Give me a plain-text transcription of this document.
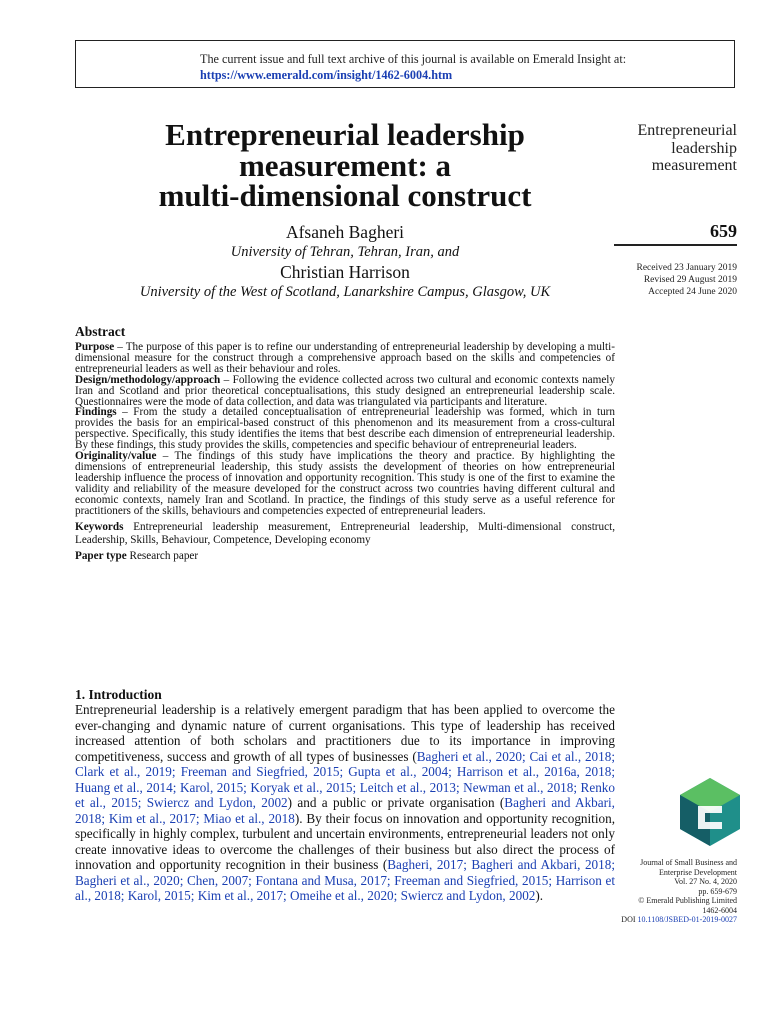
The current issue and full text archive of this journal is available on Emerald Insight at:
https://www.emerald.com/insight/1462-6004.htm
Entrepreneurial leadership
measurement: a
multi-dimensional construct
Afsaneh Bagheri
University of Tehran, Tehran, Iran, and
Christian Harrison
University of the West of Scotland, Lanarkshire Campus, Glasgow, UK
Entrepreneurial
leadership
measurement
659
Received 23 January 2019
Revised 29 August 2019
Accepted 24 June 2020
Abstract

Purpose – The purpose of this paper is to refine our understanding of entrepreneurial leadership by developing a multi-dimensional measure for the construct through a comprehensive approach based on the skills and competencies of entrepreneurial leaders as well as their behaviour and roles.

Design/methodology/approach – Following the evidence collected across two cultural and economic contexts namely Iran and Scotland and prior theoretical conceptualisations, this study designed an entrepreneurial leadership scale. Questionnaires were the mode of data collection, and data was triangulated via participants and literature.

Findings – From the study a detailed conceptualisation of entrepreneurial leadership was formed, which in turn provides the basis for an empirical-based construct of this phenomenon and its measurement from a cross-cultural perspective. Specifically, this study identifies the items that best describe each dimension of entrepreneurial leadership. By these findings, this study provides the skills, competencies and specific behaviour of entrepreneurial leaders.

Originality/value – The findings of this study have implications the theory and practice. By highlighting the dimensions of entrepreneurial leadership, this study assists the development of theories on how entrepreneurial leadership influence the process of innovation and opportunity recognition. This study is one of the first to examine the validity and reliability of the measure developed for the construct across two countries having different cultural and economic contexts, namely Iran and Scotland. In practice, the findings of this study serve as a useful reference for practitioners of the skills, behaviours and competencies expected of entrepreneurial leaders.

Keywords Entrepreneurial leadership measurement, Entrepreneurial leadership, Multi-dimensional construct, Leadership, Skills, Behaviour, Competence, Developing economy

Paper type Research paper

1. Introduction

Entrepreneurial leadership is a relatively emergent paradigm that has been applied to overcome the ever-changing and dynamic nature of current organisations. This type of leadership has received increased attention of both scholars and practitioners due to its importance in improving competitiveness, success and growth of all types of businesses (Bagheri et al., 2020; Cai et al., 2018; Clark et al., 2019; Freeman and Siegfried, 2015; Gupta et al., 2004; Harrison et al., 2016a, 2018; Huang et al., 2014; Karol, 2015; Koryak et al., 2015; Leitch et al., 2013; Newman et al., 2018; Renko et al., 2015; Swiercz and Lydon, 2002) and a public or private organisation (Bagheri and Akbari, 2018; Kim et al., 2017; Miao et al., 2018). By their focus on innovation and opportunity recognition, specifically in highly complex, turbulent and uncertain environments, entrepreneurial leaders not only create innovative ideas to overcome the challenges of their business but also direct the process of innovation and opportunity recognition in their business (Bagheri, 2017; Bagheri and Akbari, 2018; Bagheri et al., 2020; Chen, 2007; Fontana and Musa, 2017; Freeman and Siegfried, 2015; Harrison et al., 2018; Karol, 2015; Kim et al., 2017; Omeihe et al., 2020; Swiercz and Lydon, 2002).

Journal of Small Business and
Enterprise Development
Vol. 27 No. 4, 2020
pp. 659-679
© Emerald Publishing Limited
1462-6004
DOI 10.1108/JSBED-01-2019-0027
